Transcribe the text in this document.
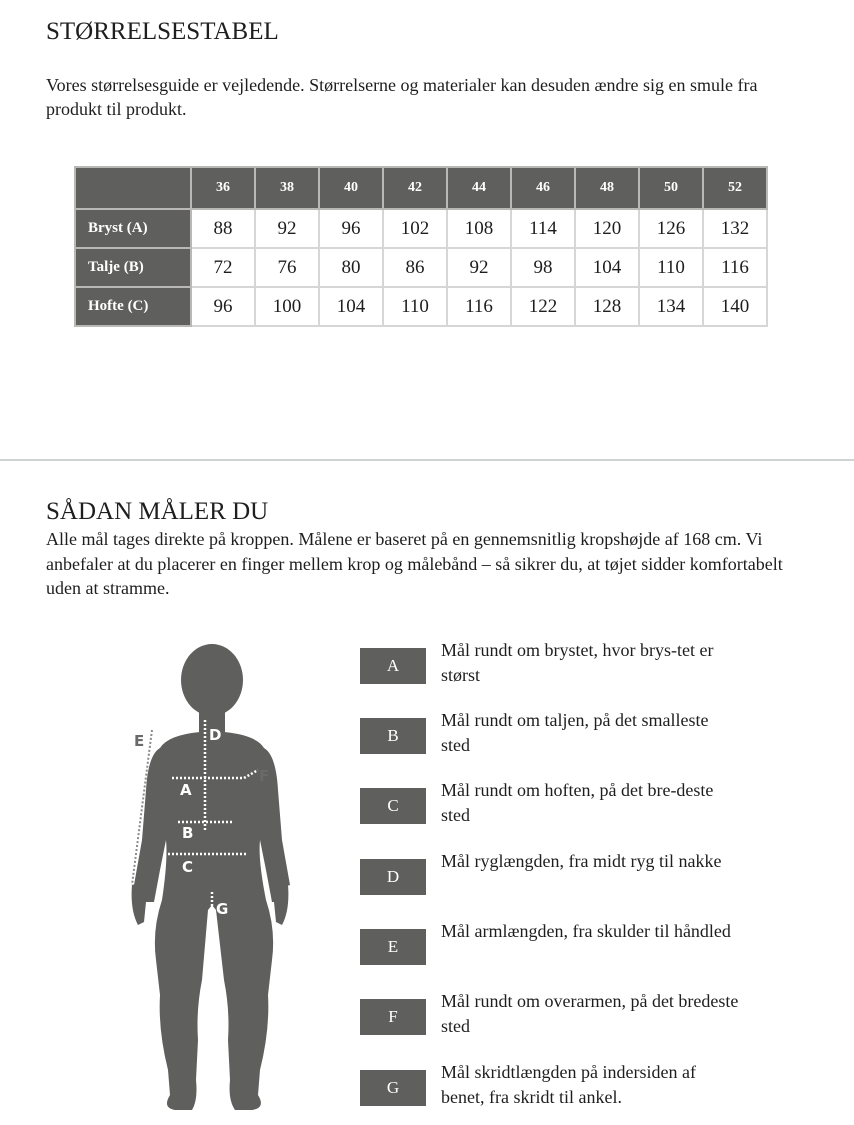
STØRRELSESTABEL

Vores størrelsesguide er vejledende. Størrelserne og materialer kan desuden ændre sig en smule fra produkt til produkt.

	36	38	40	42	44	46	48	50	52
Bryst (A)	88	92	96	102	108	114	120	126	132
Talje (B)	72	76	80	86	92	98	104	110	116
Hofte (C)	96	100	104	110	116	122	128	134	140
SÅDAN MÅLER DU

Alle mål tages direkte på kroppen. Målene er baseret på en gennemsnitlig kropshøjde af 168 cm. Vi anbefaler at du placerer en finger mellem krop og målebånd – så sikrer du, at tøjet sidder komfortabelt uden at stramme.

D
A
B
C
G
E
F
A
Mål rundt om brystet, hvor brys-tet er størst
B
Mål rundt om taljen, på det smalleste sted
C
Mål rundt om hoften, på det bre-deste sted
D
Mål ryglængden, fra midt ryg til nakke
E
Mål armlængden, fra skulder til håndled
F
Mål rundt om overarmen, på det bredeste sted
G
Mål skridtlængden på indersiden af benet, fra skridt til ankel.
